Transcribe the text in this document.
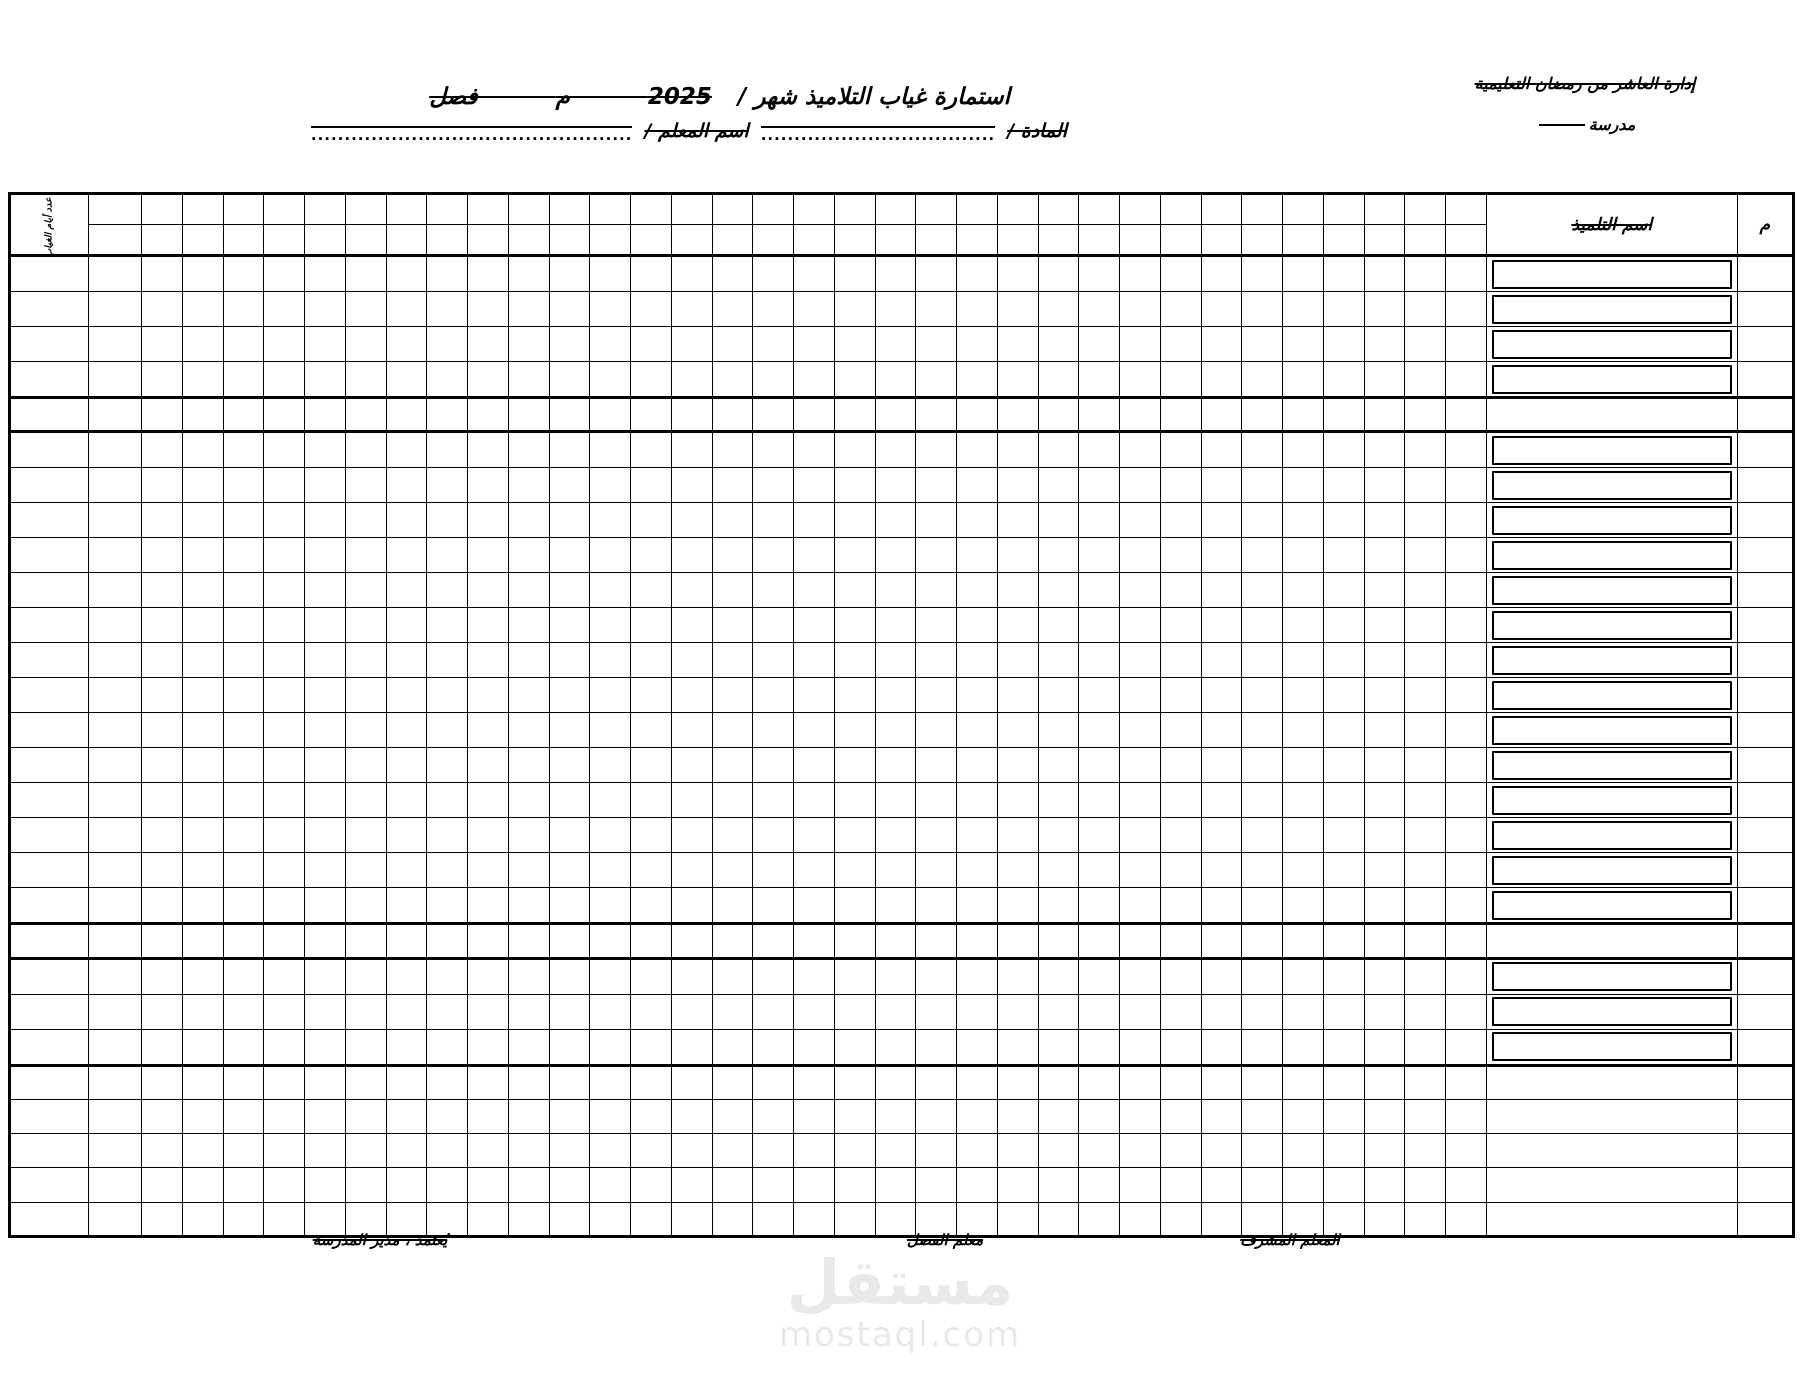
إدارة العاشر من رمضان التعليمية
مدرسة
استمارة غياب التلاميذ شهر / 2025 م فصل
المادة / ................................... اسم المعلم / ................................................
م	اسم التلميذ																																			عدد أيام الغياب

يُعتمد ، مدير المدرسة	معلم الفصل	المعلم المشرف
مستقل
mostaql.com
